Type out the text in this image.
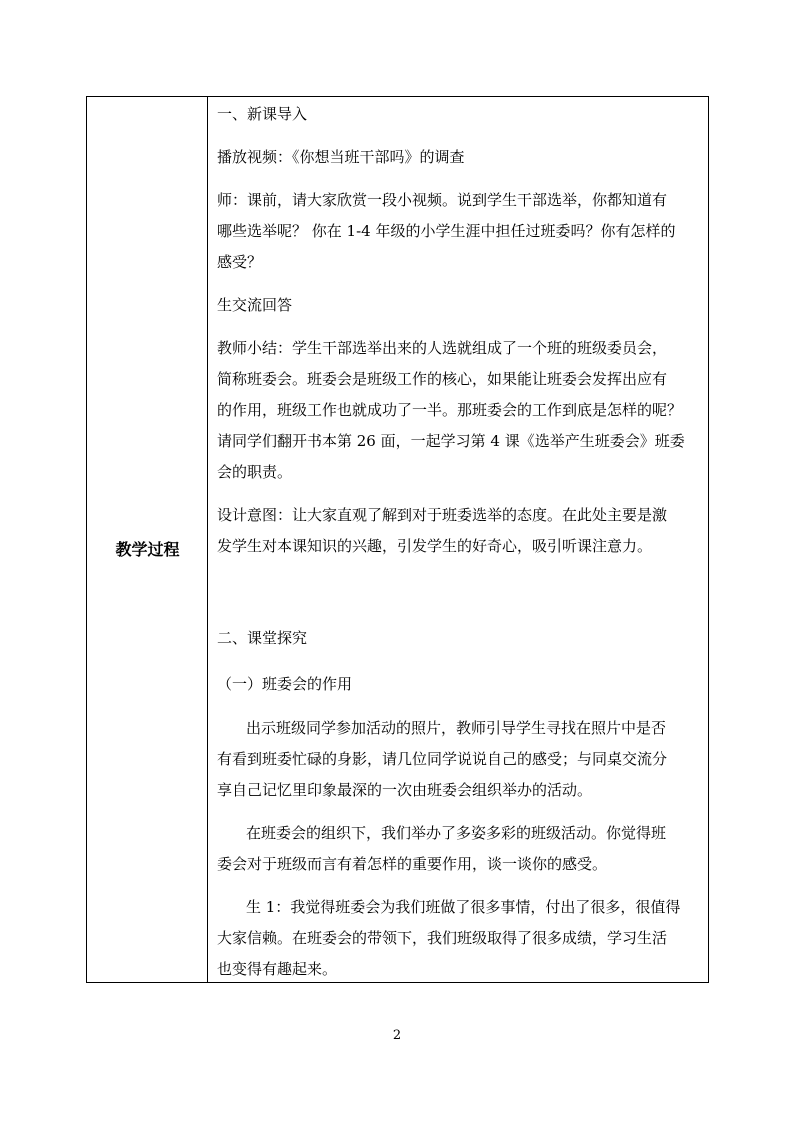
教学过程
一、新课导入
播放视频：《你想当班干部吗》的调查
师：课前，请大家欣赏一段小视频。说到学生干部选举，你都知道有
哪些选举呢？ 你在 1-4 年级的小学生涯中担任过班委吗？你有怎样的
感受？
生交流回答
教师小结：学生干部选举出来的人选就组成了一个班的班级委员会，
简称班委会。班委会是班级工作的核心，如果能让班委会发挥出应有
的作用，班级工作也就成功了一半。那班委会的工作到底是怎样的呢？
请同学们翻开书本第 26 面，一起学习第 4 课《选举产生班委会》班委
会的职责。
设计意图：让大家直观了解到对于班委选举的态度。在此处主要是激
发学生对本课知识的兴趣，引发学生的好奇心，吸引听课注意力。
二、课堂探究
（一）班委会的作用
出示班级同学参加活动的照片，教师引导学生寻找在照片中是否
有看到班委忙碌的身影，请几位同学说说自己的感受；与同桌交流分
享自己记忆里印象最深的一次由班委会组织举办的活动。
在班委会的组织下，我们举办了多姿多彩的班级活动。你觉得班
委会对于班级而言有着怎样的重要作用，谈一谈你的感受。
生 1：我觉得班委会为我们班做了很多事情，付出了很多，很值得
大家信赖。在班委会的带领下，我们班级取得了很多成绩，学习生活
也变得有趣起来。
2
